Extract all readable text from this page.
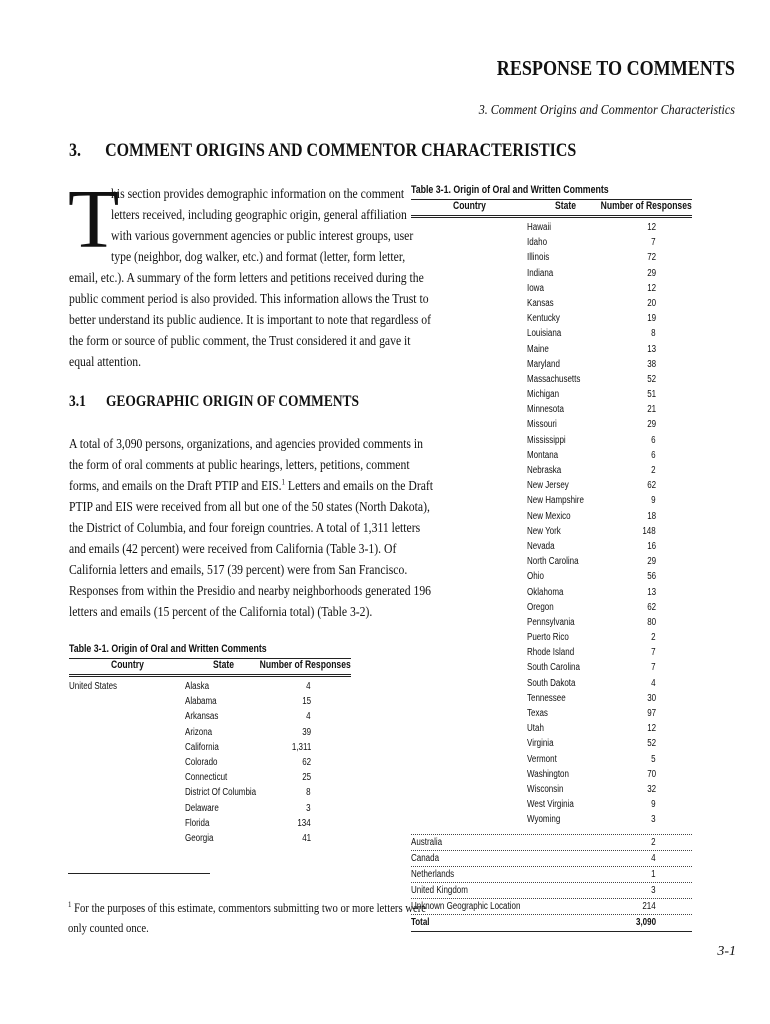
RESPONSE TO COMMENTS
3. Comment Origins and Commentor Characteristics
3. COMMENT ORIGINS AND COMMENTOR CHARACTERISTICS
T
his section provides demographic information on the comment
letters received, including geographic origin, general affiliation
with various government agencies or public interest groups, user
type (neighbor, dog walker, etc.) and format (letter, form letter,
email, etc.). A summary of the form letters and petitions received during the
public comment period is also provided. This information allows the Trust to
better understand its public audience. It is important to note that regardless of
the form or source of public comment, the Trust considered it and gave it
equal attention.
3.1 GEOGRAPHIC ORIGIN OF COMMENTS
A total of 3,090 persons, organizations, and agencies provided comments in
the form of oral comments at public hearings, letters, petitions, comment
forms, and emails on the Draft PTIP and EIS.$^1$ Letters and emails on the Draft
PTIP and EIS were received from all but one of the 50 states (North Dakota),
the District of Columbia, and four foreign countries. A total of 1,311 letters
and emails (42 percent) were received from California (Table 3-1). Of
California letters and emails, 517 (39 percent) were from San Francisco.
Responses from within the Presidio and nearby neighborhoods generated 196
letters and emails (15 percent of the California total) (Table 3-2).
Table 3-1. Origin of Oral and Written Comments
Country	State Number of Responses
United States	Alaska	4
Alabama	15
Arkansas	4
Arizona	39
California	1,311
Colorado	62
Connecticut	25
District Of Columbia	8
Delaware	3
Florida	134
Georgia	41
Table 3-1. Origin of Oral and Written Comments
Country	State Number of Responses
Hawaii	12
Idaho	7
Illinois	72
Indiana	29
Iowa	12
Kansas	20
Kentucky	19
Louisiana	8
Maine	13
Maryland	38
Massachusetts	52
Michigan	51
Minnesota	21
Missouri	29
Mississippi	6
Montana	6
Nebraska	2
New Jersey	62
New Hampshire	9
New Mexico	18
New York	148
Nevada	16
North Carolina	29
Ohio	56
Oklahoma	13
Oregon	62
Pennsylvania	80
Puerto Rico	2
Rhode Island	7
South Carolina	7
South Dakota	4
Tennessee	30
Texas	97
Utah	12
Virginia	52
Vermont	5
Washington	70
Wisconsin	32
West Virginia	9
Wyoming	3
Australia	2
Canada	4
Netherlands	1
United Kingdom	3
Unknown Geographic Location	214
Total	3,090
$^1$ For the purposes of this estimate, commentors submitting two or more letters were
only counted once.
3-1
